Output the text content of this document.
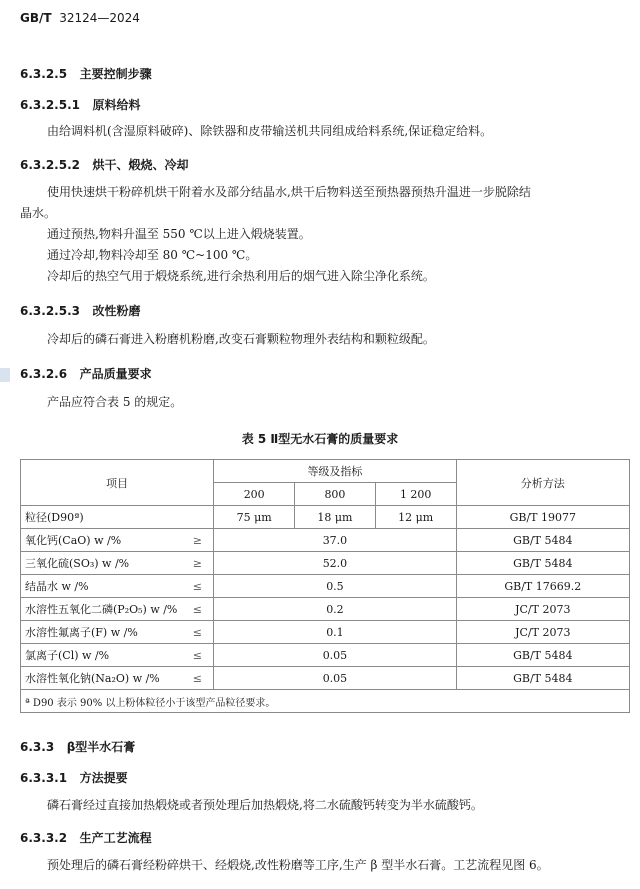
GB/T 32124—2024
6.3.2.5 主要控制步骤
6.3.2.5.1 原料给料
由给调料机(含湿原料破碎)、除铁器和皮带输送机共同组成给料系统,保证稳定给料。
6.3.2.5.2 烘干、煅烧、冷却
使用快速烘干粉碎机烘干附着水及部分结晶水,烘干后物料送至预热器预热升温进一步脱除结
晶水。
通过预热,物料升温至 550 ℃以上进入煅烧装置。
通过冷却,物料冷却至 80 ℃~100 ℃。
冷却后的热空气用于煅烧系统,进行余热利用后的烟气进入除尘净化系统。
6.3.2.5.3 改性粉磨
冷却后的磷石膏进入粉磨机粉磨,改变石膏颗粒物理外表结构和颗粒级配。
6.3.2.6 产品质量要求
产品应符合表 5 的规定。
表 5 Ⅱ型无水石膏的质量要求
项目		等级及指标			分析方法
		200	800	1 200	
粒径(D90ª)		75 μm	18 μm	12 μm	GB/T 19077
氧化钙(CaO) w /%	≥	37.0			GB/T 5484
三氧化硫(SO₃) w /%	≥	52.0			GB/T 5484
结晶水 w /%	≤	0.5			GB/T 17669.2
水溶性五氧化二磷(P₂O₅) w /%	≤	0.2			JC/T 2073
水溶性氟离子(F) w /%	≤	0.1			JC/T 2073
氯离子(Cl) w /%	≤	0.05			GB/T 5484
水溶性氧化钠(Na₂O) w /%	≤	0.05			GB/T 5484
ª D90 表示 90% 以上粉体粒径小于该型产品粒径要求。					
6.3.3 β型半水石膏
6.3.3.1 方法提要
磷石膏经过直接加热煅烧或者预处理后加热煅烧,将二水硫酸钙转变为半水硫酸钙。
6.3.3.2 生产工艺流程
预处理后的磷石膏经粉碎烘干、经煅烧,改性粉磨等工序,生产 β 型半水石膏。工艺流程见图 6。
